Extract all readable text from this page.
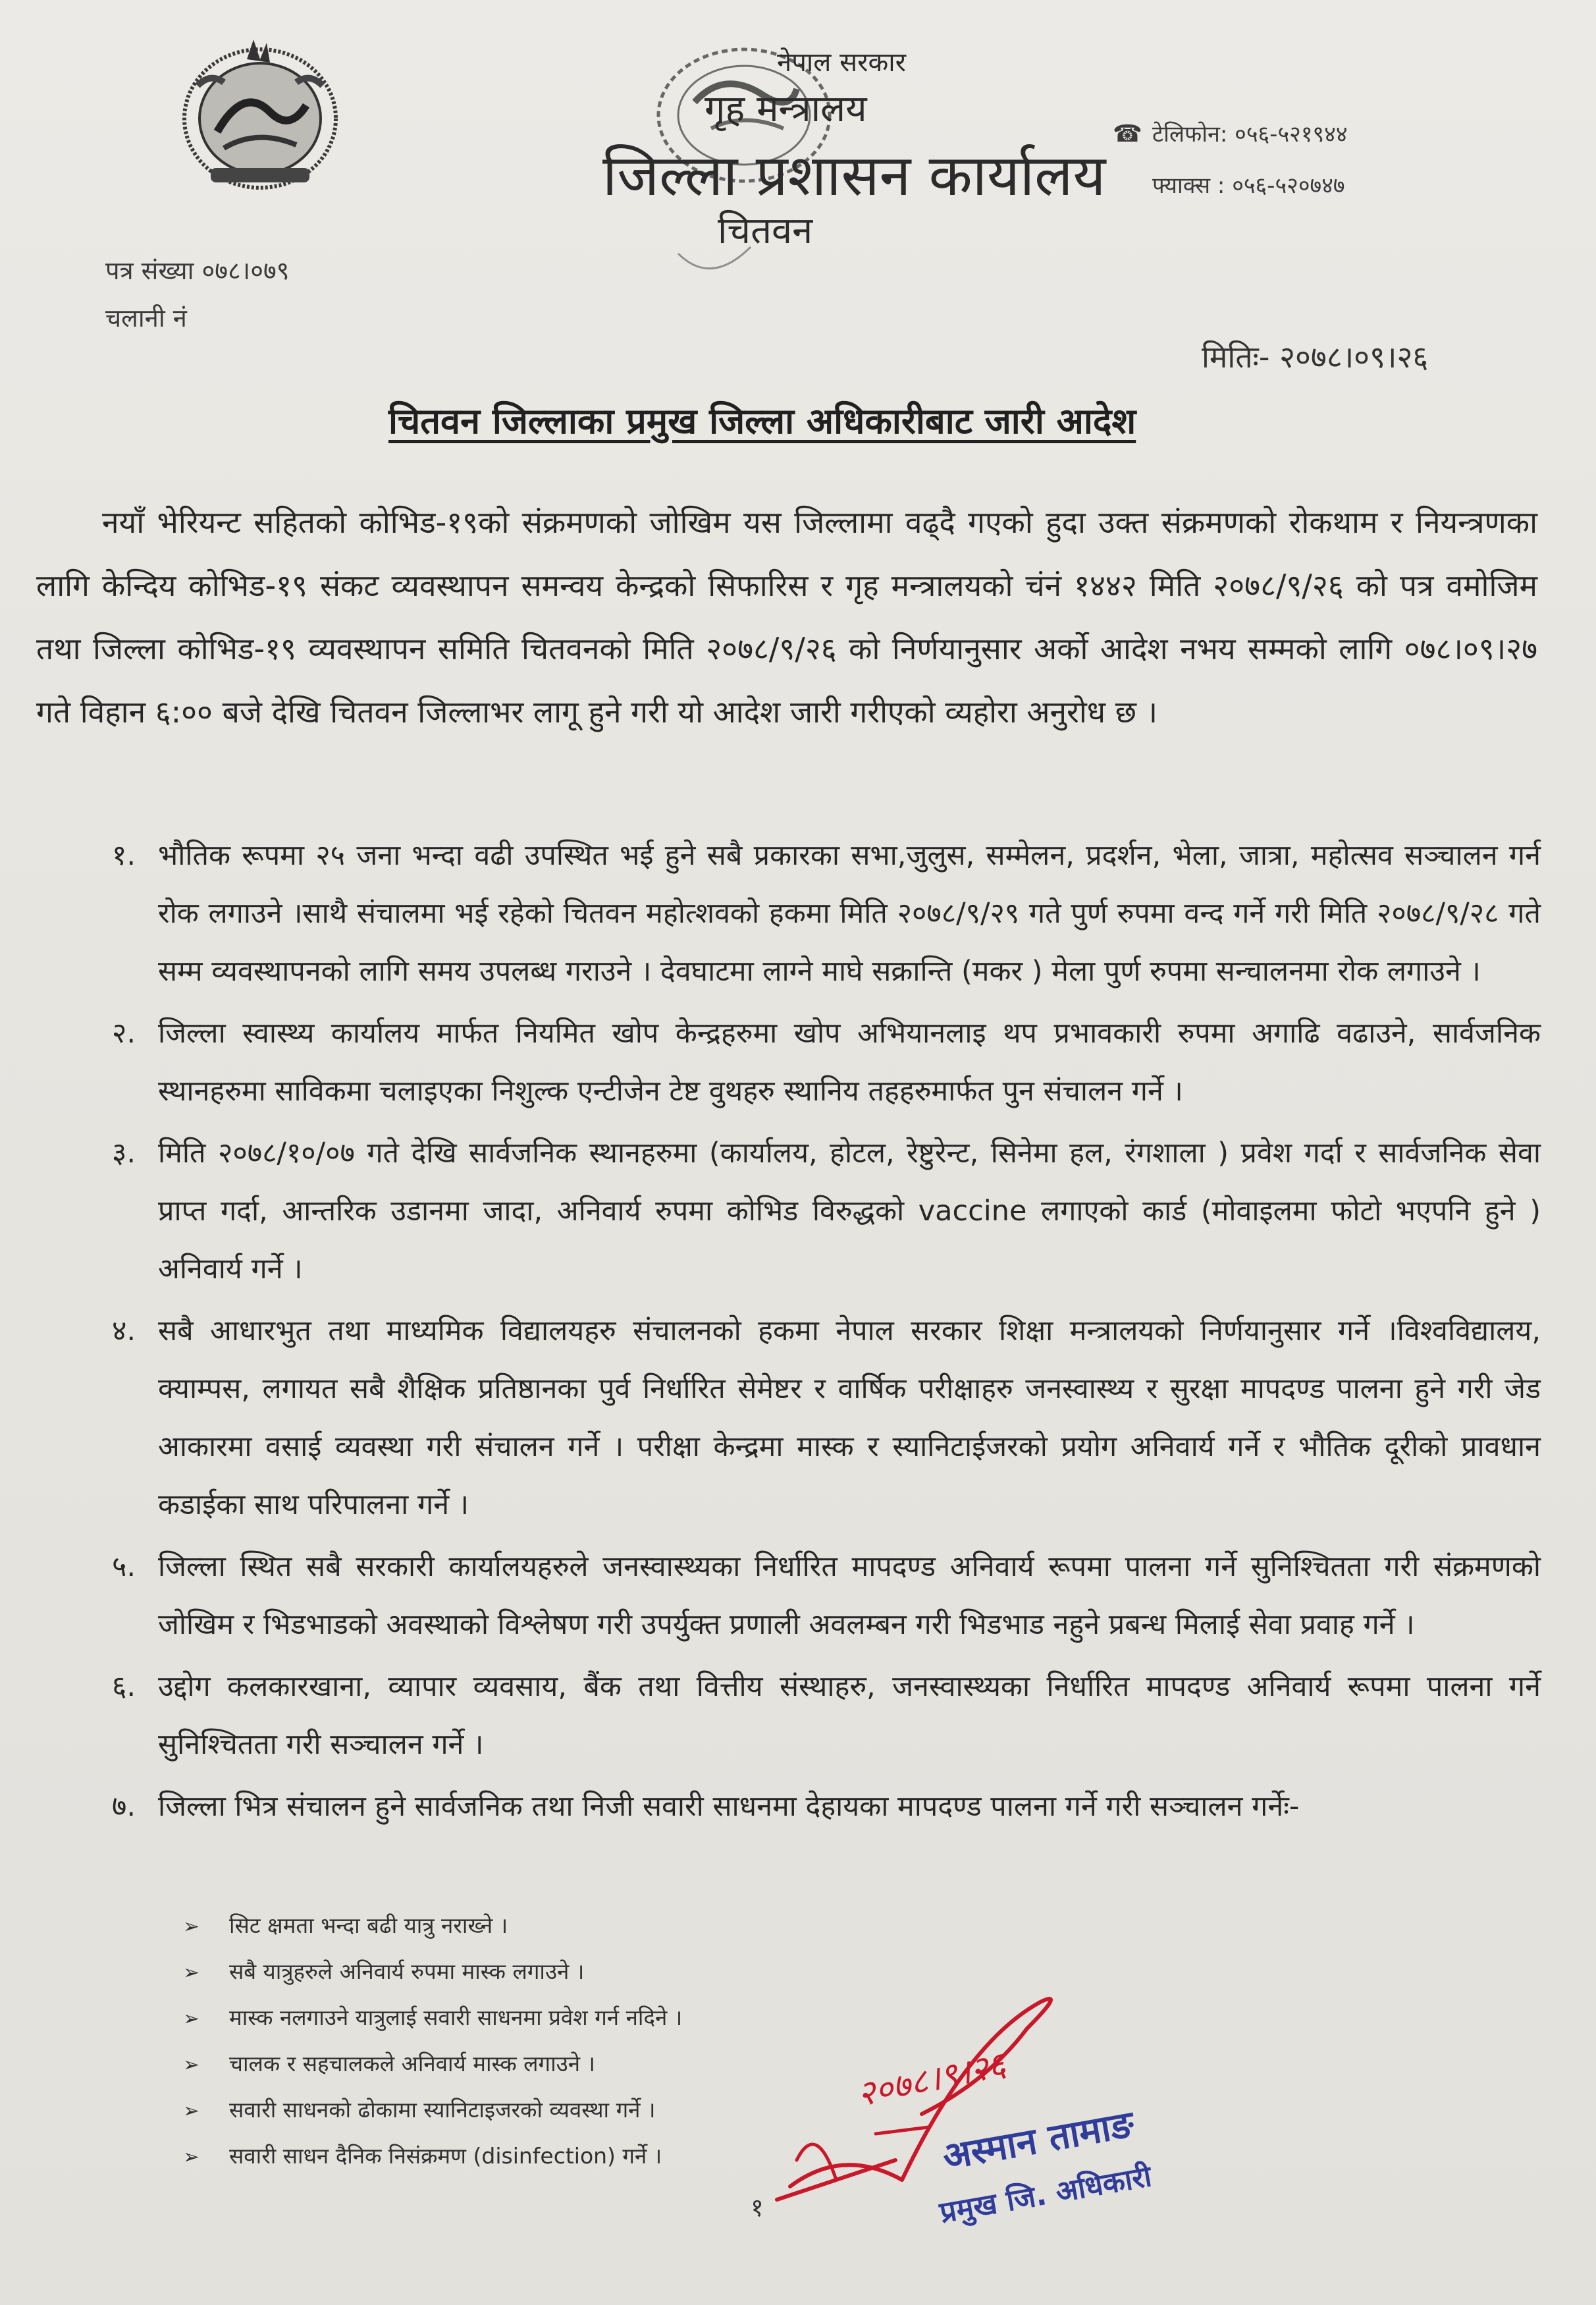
नेपाल सरकार
गृह मन्त्रालय
जिल्ला प्रशासन कार्यालय
चितवन
☎ टेलिफोन: ०५६-५२१९४४
फ्याक्स : ०५६-५२०७४७
पत्र संख्या ०७८।०७९
चलानी नं
मितिः- २०७८।०९।२६
चितवन जिल्लाका प्रमुख जिल्ला अधिकारीबाट जारी आदेश
नयाँ भेरियन्ट सहितको कोभिड-१९को संक्रमणको जोखिम यस जिल्लामा वढ्दै गएको हुदा उक्त संक्रमणको रोकथाम र नियन्त्रणका लागि केन्दिय कोभिड-१९ संकट व्यवस्थापन समन्वय केन्द्रको सिफारिस र गृह मन्त्रालयको चंनं १४४२ मिति २०७८/९/२६ को पत्र वमोजिम तथा जिल्ला कोभिड-१९ व्यवस्थापन समिति चितवनको मिति २०७८/९/२६ को निर्णयानुसार अर्को आदेश नभय सम्मको लागि ०७८।०९।२७ गते विहान ६:०० बजे देखि चितवन जिल्लाभर लागू हुने गरी यो आदेश जारी गरीएको व्यहोरा अनुरोध छ ।
१. भौतिक रूपमा २५ जना भन्दा वढी उपस्थित भई हुने सबै प्रकारका सभा,जुलुस, सम्मेलन, प्रदर्शन, भेला, जात्रा, महोत्सव सञ्चालन गर्न रोक लगाउने ।साथै संचालमा भई रहेको चितवन महोत्शवको हकमा मिति २०७८/९/२९ गते पुर्ण रुपमा वन्द गर्ने गरी मिति २०७८/९/२८ गते सम्म व्यवस्थापनको लागि समय उपलब्ध गराउने । देवघाटमा लाग्ने माघे सक्रान्ति (मकर ) मेला पुर्ण रुपमा सन्चालनमा रोक लगाउने ।
२. जिल्ला स्वास्थ्य कार्यालय मार्फत नियमित खोप केन्द्रहरुमा खोप अभियानलाइ थप प्रभावकारी रुपमा अगाढि वढाउने, सार्वजनिक स्थानहरुमा साविकमा चलाइएका निशुल्क एन्टीजेन टेष्ट वुथहरु स्थानिय तहहरुमार्फत पुन संचालन गर्ने ।
३. मिति २०७८/१०/०७ गते देखि सार्वजनिक स्थानहरुमा (कार्यालय, होटल, रेष्टुरेन्ट, सिनेमा हल, रंगशाला ) प्रवेश गर्दा र सार्वजनिक सेवा प्राप्त गर्दा, आन्तरिक उडानमा जादा, अनिवार्य रुपमा कोभिड विरुद्धको vaccine लगाएको कार्ड (मोवाइलमा फोटो भएपनि हुने ) अनिवार्य गर्ने ।
४. सबै आधारभुत तथा माध्यमिक विद्यालयहरु संचालनको हकमा नेपाल सरकार शिक्षा मन्त्रालयको निर्णयानुसार गर्ने ।विश्वविद्यालय, क्याम्पस, लगायत सबै शैक्षिक प्रतिष्ठानका पुर्व निर्धारित सेमेष्टर र वार्षिक परीक्षाहरु जनस्वास्थ्य र सुरक्षा मापदण्ड पालना हुने गरी जेड आकारमा वसाई व्यवस्था गरी संचालन गर्ने । परीक्षा केन्द्रमा मास्क र स्यानिटाईजरको प्रयोग अनिवार्य गर्ने र भौतिक दूरीको प्रावधान कडाईका साथ परिपालना गर्ने ।
५. जिल्ला स्थित सबै सरकारी कार्यालयहरुले जनस्वास्थ्यका निर्धारित मापदण्ड अनिवार्य रूपमा पालना गर्ने सुनिश्चितता गरी संक्रमणको जोखिम र भिडभाडको अवस्थाको विश्लेषण गरी उपर्युक्त प्रणाली अवलम्बन गरी भिडभाड नहुने प्रबन्ध मिलाई सेवा प्रवाह गर्ने ।
६. उद्दोग कलकारखाना, व्यापार व्यवसाय, बैंक तथा वित्तीय संस्थाहरु, जनस्वास्थ्यका निर्धारित मापदण्ड अनिवार्य रूपमा पालना गर्ने सुनिश्चितता गरी सञ्चालन गर्ने ।
७. जिल्ला भित्र संचालन हुने सार्वजनिक तथा निजी सवारी साधनमा देहायका मापदण्ड पालना गर्ने गरी सञ्चालन गर्नेः-
➢ सिट क्षमता भन्दा बढी यात्रु नराख्ने ।
➢ सबै यात्रुहरुले अनिवार्य रुपमा मास्क लगाउने ।
➢ मास्क नलगाउने यात्रुलाई सवारी साधनमा प्रवेश गर्न नदिने ।
➢ चालक र सहचालकले अनिवार्य मास्क लगाउने ।
➢ सवारी साधनको ढोकामा स्यानिटाइजरको व्यवस्था गर्ने ।
➢ सवारी साधन दैनिक निसंक्रमण (disinfection) गर्ने ।
१
२०७८।९।२६
अस्मान तामाङ
प्रमुख जि. अधिकारी
